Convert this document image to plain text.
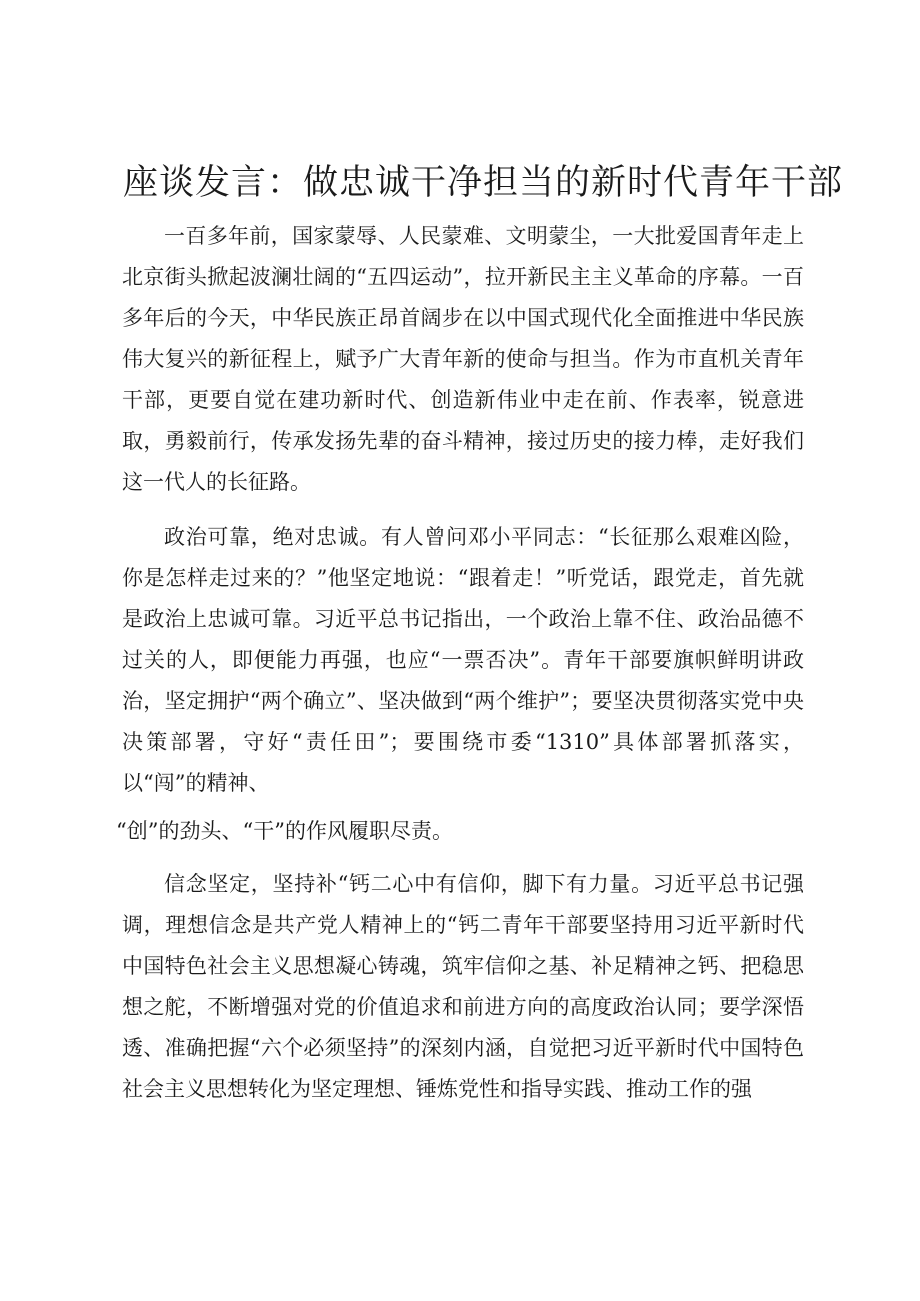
座谈发言：做忠诚干净担当的新时代青年干部

一百多年前，国家蒙辱、人民蒙难、文明蒙尘，一大批爱国青年走上北京街头掀起波澜壮阔的“五四运动”，拉开新民主主义革命的序幕。一百多年后的今天，中华民族正昂首阔步在以中国式现代化全面推进中华民族伟大复兴的新征程上，赋予广大青年新的使命与担当。作为市直机关青年干部，更要自觉在建功新时代、创造新伟业中走在前、作表率，锐意进取，勇毅前行，传承发扬先辈的奋斗精神，接过历史的接力棒，走好我们这一代人的长征路。

政治可靠，绝对忠诚。有人曾问邓小平同志：“长征那么艰难凶险，你是怎样走过来的？”他坚定地说：“跟着走！”听党话，跟党走，首先就是政治上忠诚可靠。习近平总书记指出，一个政治上靠不住、政治品德不过关的人，即便能力再强，也应“一票否决”。青年干部要旗帜鲜明讲政治，坚定拥护“两个确立”、坚决做到“两个维护”；要坚决贯彻落实党中央决策部署，守好“责任田”；要围绕市委“1310”具体部署抓落实，以“闯”的精神、

“创”的劲头、“干”的作风履职尽责。

信念坚定，坚持补“钙二心中有信仰，脚下有力量。习近平总书记强调，理想信念是共产党人精神上的“钙二青年干部要坚持用习近平新时代中国特色社会主义思想凝心铸魂，筑牢信仰之基、补足精神之钙、把稳思想之舵，不断增强对党的价值追求和前进方向的高度政治认同；要学深悟透、准确把握“六个必须坚持”的深刻内涵，自觉把习近平新时代中国特色社会主义思想转化为坚定理想、锤炼党性和指导实践、推动工作的强
